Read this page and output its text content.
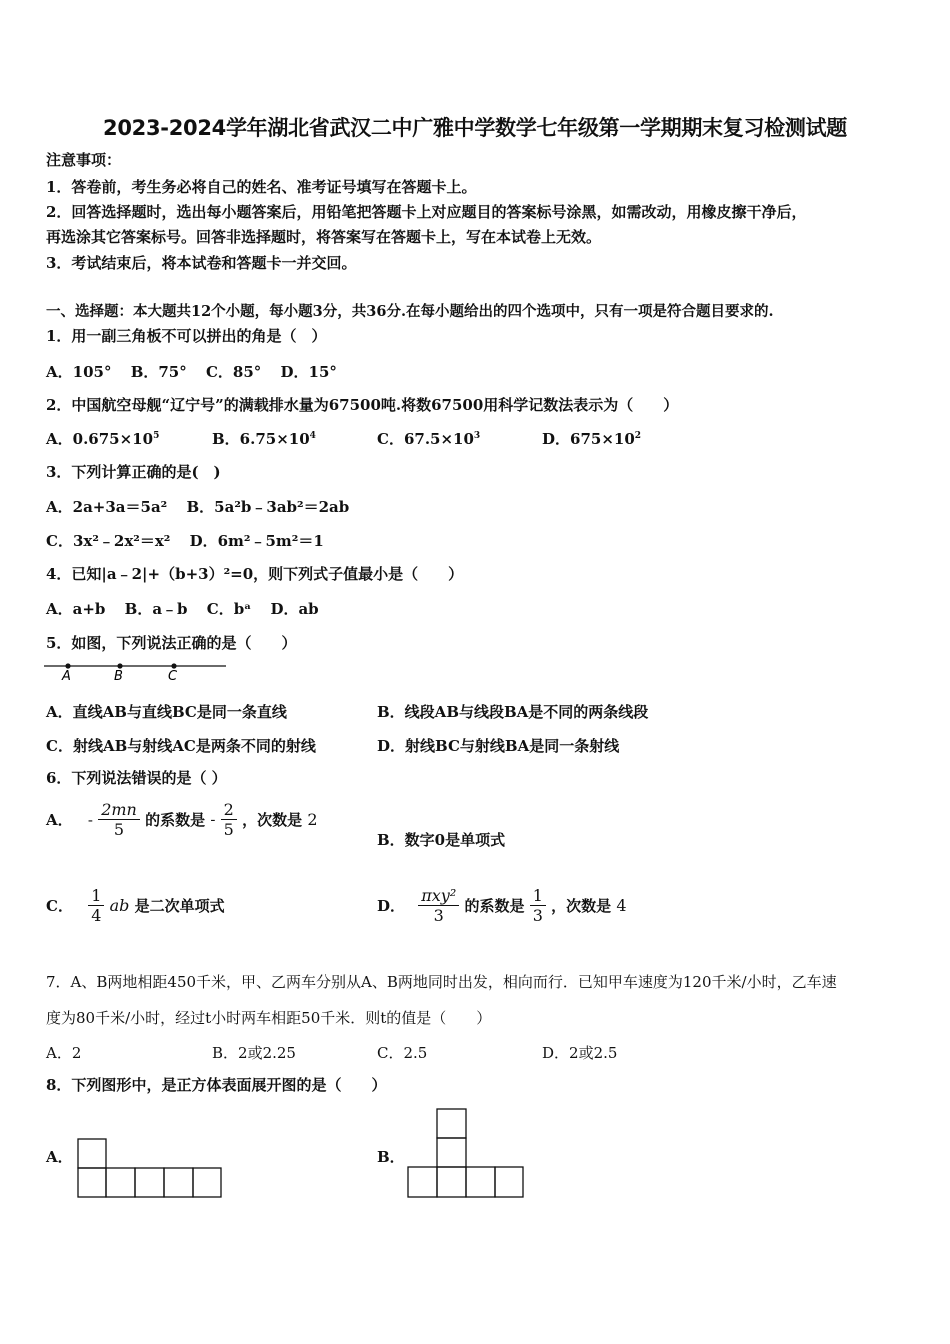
2023-2024学年湖北省武汉二中广雅中学数学七年级第一学期期末复习检测试题
注意事项：
1．答卷前，考生务必将自己的姓名、准考证号填写在答题卡上。
2．回答选择题时，选出每小题答案后，用铅笔把答题卡上对应题目的答案标号涂黑，如需改动，用橡皮擦干净后，
再选涂其它答案标号。回答非选择题时，将答案写在答题卡上，写在本试卷上无效。
3．考试结束后，将本试卷和答题卡一并交回。
一、选择题：本大题共12个小题，每小题3分，共36分.在每小题给出的四个选项中，只有一项是符合题目要求的.
1．用一副三角板不可以拼出的角是（　）
A．105° B．75° C．85° D．15°
2．中国航空母舰“辽宁号”的满载排水量为67500吨.将数67500用科学记数法表示为（　　）
A．$0.675\times 10^5$	B．$6.75\times 10^4$	C．$67.5\times 10^3$	D．$675\times 10^2$
3．下列计算正确的是(　)
A．2a+3a＝5a² B．5a²b﹣3ab²＝2ab
C．3x²﹣2x²＝x² D．6m²﹣5m²＝1
4．已知|a﹣2|+（b+3）²=0，则下列式子值最小是（　　）
A．a+b B．a﹣b C．bᵃ D．ab
5．如图，下列说法正确的是（　　）
A	B	C
A．直线AB与直线BC是同一条直线	B．线段AB与线段BA是不同的两条线段
C．射线AB与射线AC是两条不同的射线	D．射线BC与射线BA是同一条射线
6．下列说法错误的是（ ）
A． - $\frac{2mn}{5}$ 的系数是 - $\frac{2}{5}$ ，次数是 2
B．数字0是单项式
C． $\frac{1}{4}$ ab 是二次单项式	D． $\frac{\text{πxy²}}{3}$ 的系数是 $\frac{1}{3}$ ，次数是 4
7．A、B两地相距450千米，甲、乙两车分别从A、B两地同时出发，相向而行．已知甲车速度为120千米/小时，乙车速
度为80千米/小时，经过t小时两车相距50千米．则t的值是（　　）
A．2	B．2或2.25	C．2.5	D．2或2.5
8．下列图形中，是正方体表面展开图的是（　　）
A．	B．
